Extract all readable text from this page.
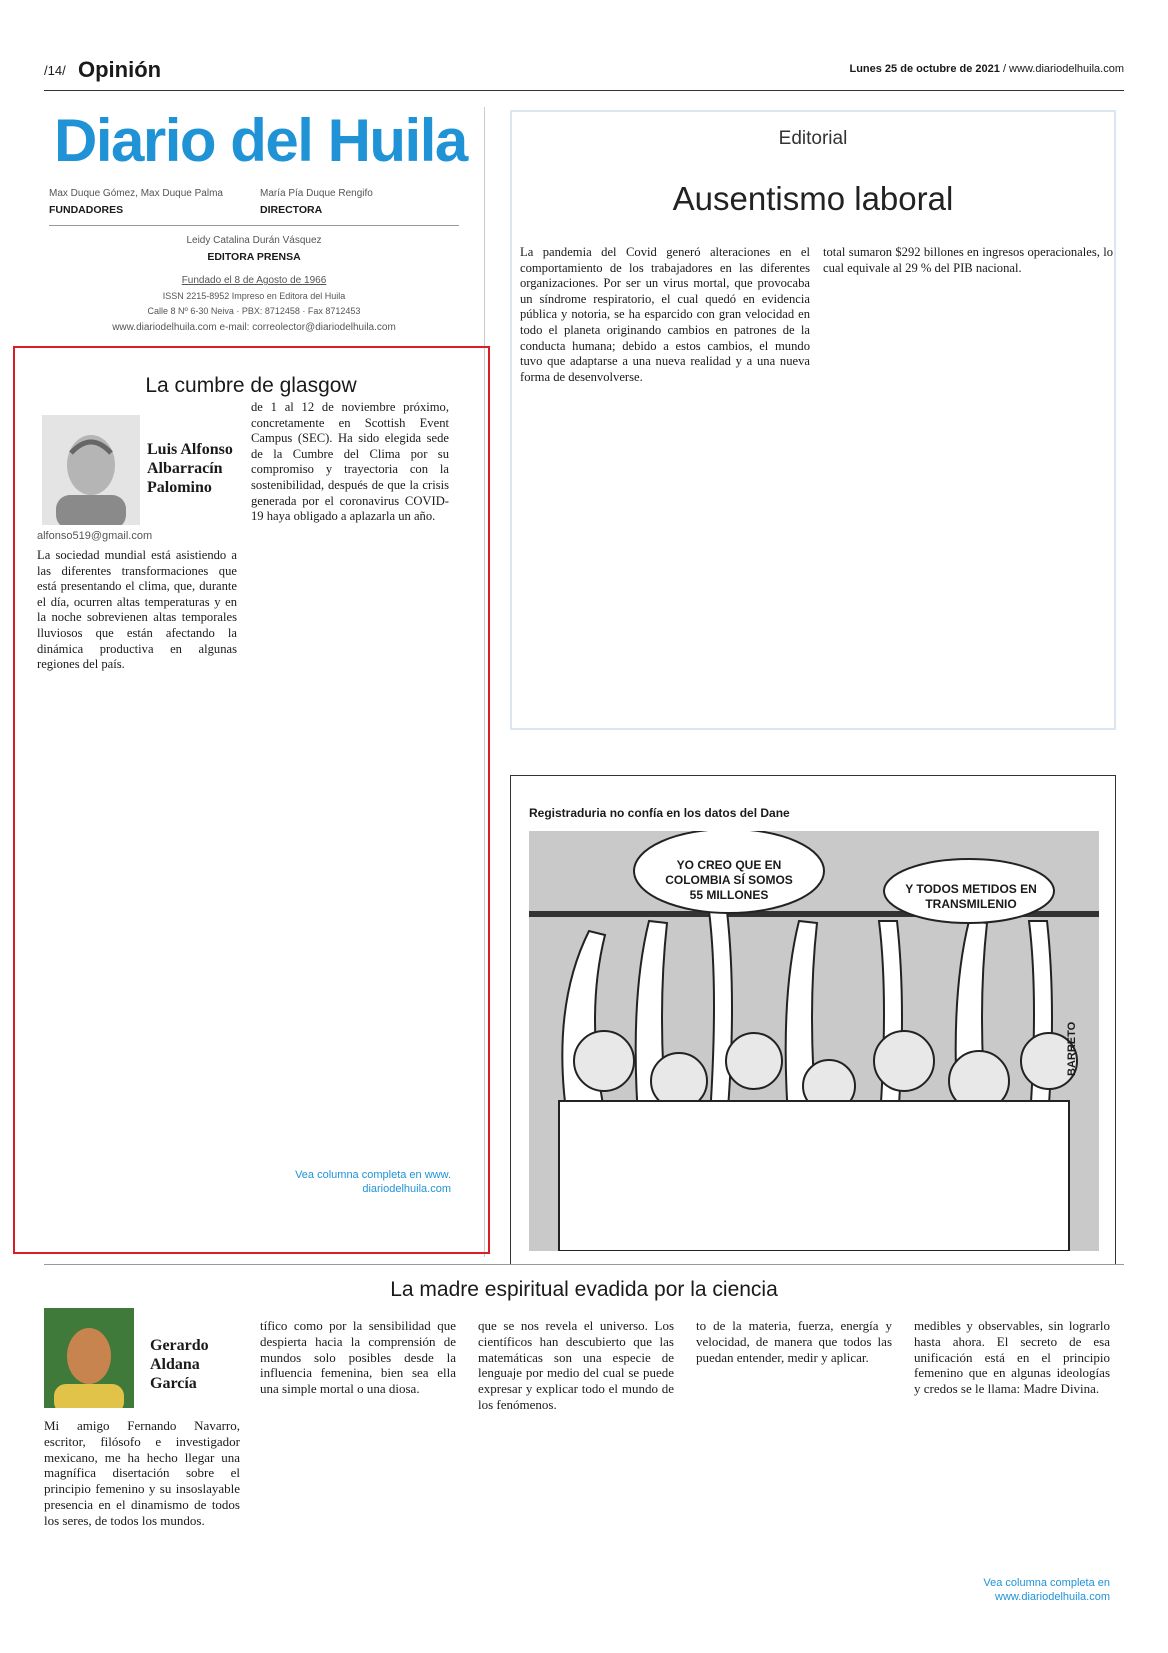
/14/ Opinión	Lunes 25 de octubre de 2021 / www.diariodelhuila.com
Diario del Huila
Max Duque Gómez, Max Duque Palma
FUNDADORES
María Pía Duque Rengifo
DIRECTORA
Leidy Catalina Durán Vásquez
EDITORA PRENSA
Fundado el 8 de Agosto de 1966
ISSN 2215-8952 Impreso en Editora del Huila
Calle 8 Nº 6-30 Neiva · PBX: 8712458 · Fax 8712453
www.diariodelhuila.com e-mail: correolector@diariodelhuila.com
Editorial
Ausentismo laboral
La pandemia del Covid generó alteraciones en el comportamiento de los trabajadores en las diferentes organizaciones. Por ser un virus mortal, que provocaba un síndrome respiratorio, el cual quedó en evidencia pública y notoria, se ha esparcido con gran velocidad en todo el planeta originando cambios en patrones de la conducta humana; debido a estos cambios, el mundo tuvo que adaptarse a una nueva realidad y a una nueva forma de desenvolverse.
total sumaron $292 billones en ingresos operacionales, lo cual equivale al 29 % del PIB nacional.
La cumbre de glasgow
Luis Alfonso Albarracín Palomino
alfonso519@gmail.com
La sociedad mundial está asistiendo a las diferentes transformaciones que está presentando el clima, que, durante el día, ocurren altas temperaturas y en la noche sobrevienen altas temporales lluviosos que están afectando la dinámica productiva en algunas regiones del país.
de 1 al 12 de noviembre próximo, concretamente en Scottish Event Campus (SEC). Ha sido elegida sede de la Cumbre del Clima por su compromiso y trayectoria con la sostenibilidad, después de que la crisis generada por el coronavirus COVID-19 haya obligado a aplazarla un año.
Vea columna completa en www. diariodelhuila.com
Registraduria no confía en los datos del Dane
YO CREO QUE EN COLOMBIA SÍ SOMOS 55 MILLONES	Y TODOS METIDOS EN TRANSMILENIO
BARRETO
La madre espiritual evadida por la ciencia
Gerardo Aldana García
Mi amigo Fernando Navarro, escritor, filósofo e investigador mexicano, me ha hecho llegar una magnífica disertación sobre el principio femenino y su insoslayable presencia en el dinamismo de todos los seres, de todos los mundos.
tífico como por la sensibilidad que despierta hacia la comprensión de mundos solo posibles desde la influencia femenina, bien sea ella una simple mortal o una diosa.
que se nos revela el universo. Los científicos han descubierto que las matemáticas son una especie de lenguaje por medio del cual se puede expresar y explicar todo el mundo de los fenómenos.
to de la materia, fuerza, energía y velocidad, de manera que todos las puedan entender, medir y aplicar.
medibles y observables, sin lograrlo hasta ahora. El secreto de esa unificación está en el principio femenino que en algunas ideologías y credos se le llama: Madre Divina.
Vea columna completa en www.diariodelhuila.com
